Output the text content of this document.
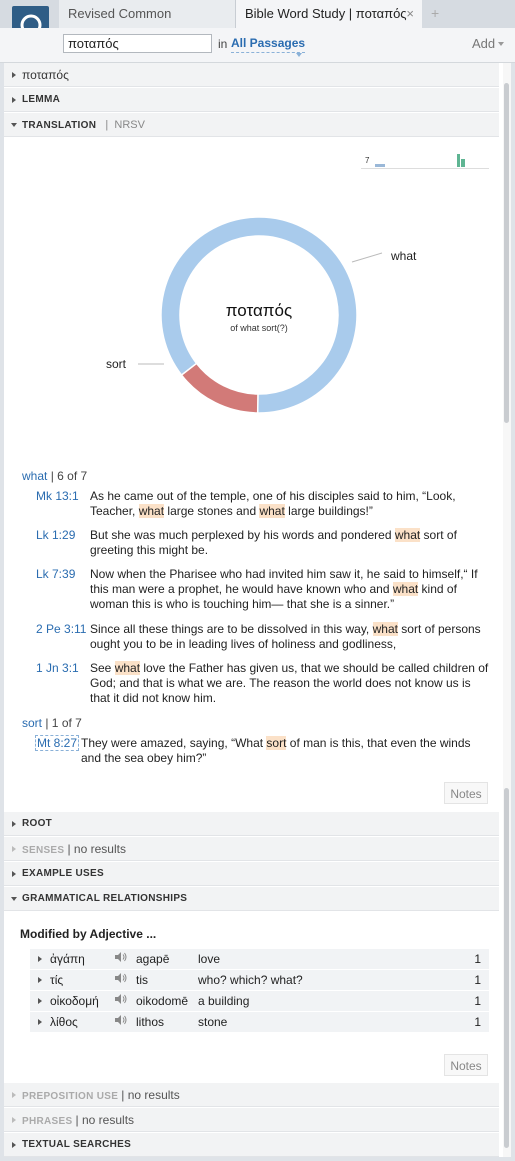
Revised Common	Bible Word Study | ποταπός × +
ποταπός
in All Passages	Add
ποταπός
LEMMA
TRANSLATION   |  NRSV
7
ποταπός
of what sort(?)
what
sort
what | 6 of 7
Mk 13:1 As he came out of the temple, one of his disciples said to him, “Look, Teacher, what large stones and what large buildings!”
Lk 1:29 But she was much perplexed by his words and pondered what sort of greeting this might be.
Lk 7:39 Now when the Pharisee who had invited him saw it, he said to himself,“ If this man were a prophet, he would have known who and what kind of woman this is who is touching him— that she is a sinner.”
2 Pe 3:11 Since all these things are to be dissolved in this way, what sort of persons ought you to be in leading lives of holiness and godliness,
1 Jn 3:1 See what love the Father has given us, that we should be called children of God; and that is what we are. The reason the world does not know us is that it did not know him.
sort | 1 of 7
Mt 8:27 They were amazed, saying, “What sort of man is this, that even the winds and the sea obey him?”
Notes
ROOT
SENSES | no results
EXAMPLE USES
GRAMMATICAL RELATIONSHIPS
Modified by Adjective ...
ἀγάπη	agapē love	1
τίς	tis	who? which? what?	1
οἰκοδομή	oikodomē a building	1
λίθος	lithos	stone	1
Notes
PREPOSITION USE | no results
PHRASES | no results
TEXTUAL SEARCHES
